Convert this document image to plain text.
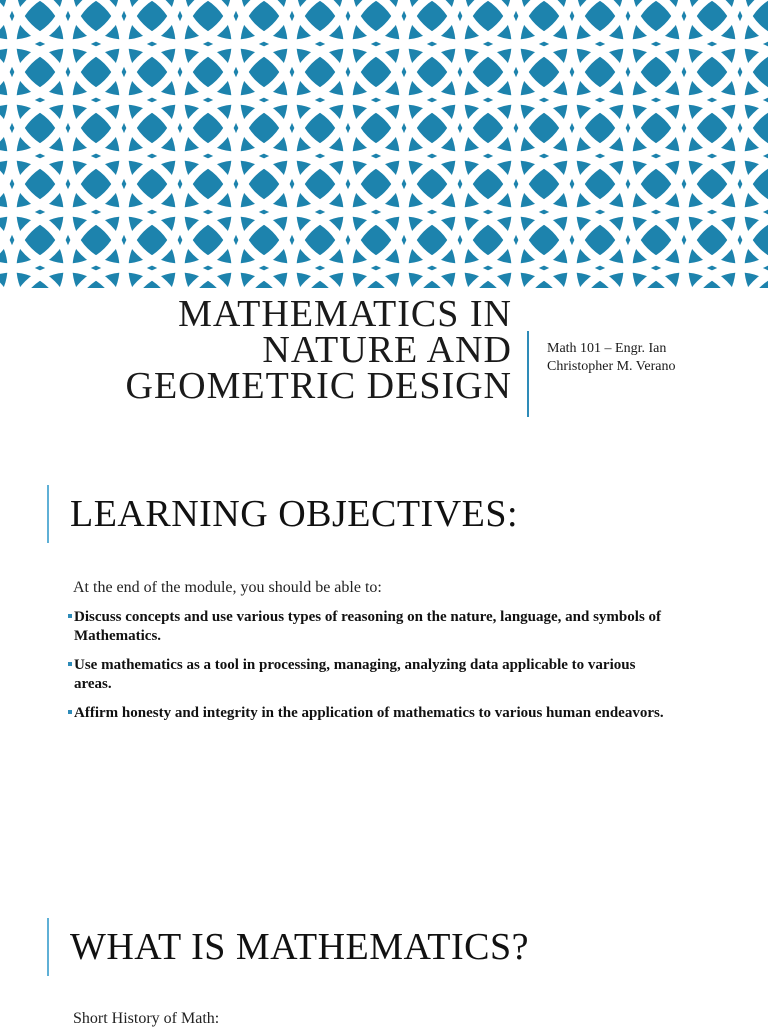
MATHEMATICS IN
NATURE AND
GEOMETRIC DESIGN
Math 101 – Engr. Ian
Christopher M. Verano
LEARNING OBJECTIVES:
At the end of the module, you should be able to:
Discuss concepts and use various types of reasoning on the nature, language, and symbols of Mathematics.
Use mathematics as a tool in processing, managing, analyzing data applicable to various areas.
Affirm honesty and integrity in the application of mathematics to various human endeavors.
WHAT IS MATHEMATICS?
Short History of Math:
